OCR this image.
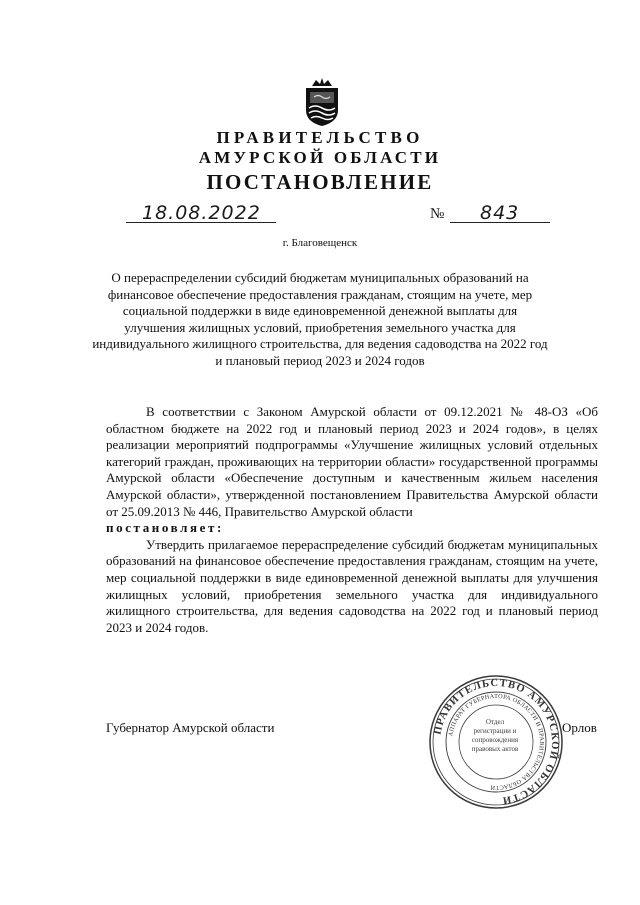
ПРАВИТЕЛЬСТВО
АМУРСКОЙ ОБЛАСТИ
ПОСТАНОВЛЕНИЕ
18.08.2022	№ 843
г. Благовещенск
О перераспределении субсидий бюджетам муниципальных образований на финансовое обеспечение предоставления гражданам, стоящим на учете, мер социальной поддержки в виде единовременной денежной выплаты для улучшения жилищных условий, приобретения земельного участка для индивидуального жилищного строительства, для ведения садоводства на 2022 год и плановый период 2023 и 2024 годов

В соответствии с Законом Амурской области от 09.12.2021 № 48-ОЗ «Об областном бюджете на 2022 год и плановый период 2023 и 2024 годов», в целях реализации мероприятий подпрограммы «Улучшение жилищных условий отдельных категорий граждан, проживающих на территории области» государственной программы Амурской области «Обеспечение доступным и качественным жильем населения Амурской области», утвержденной постановлением Правительства Амурской области от 25.09.2013 № 446, Правительство Амурской области

постановляет:

Утвердить прилагаемое перераспределение субсидий бюджетам муниципальных образований на финансовое обеспечение предоставления гражданам, стоящим на учете, мер социальной поддержки в виде единовременной денежной выплаты для улучшения жилищных условий, приобретения земельного участка для индивидуального жилищного строительства, для ведения садоводства на 2022 год и плановый период 2023 и 2024 годов.

ПРАВИТЕЛЬСТВО АМУРСКОЙ ОБЛАСТИ
АППАРАТ ГУБЕРНАТОРА ОБЛАСТИ И ПРАВИТЕЛЬСТВА ОБЛАСТИ
Отдел регистрации и сопровождения правовых актов
Губернатор Амурской области	Орлов
